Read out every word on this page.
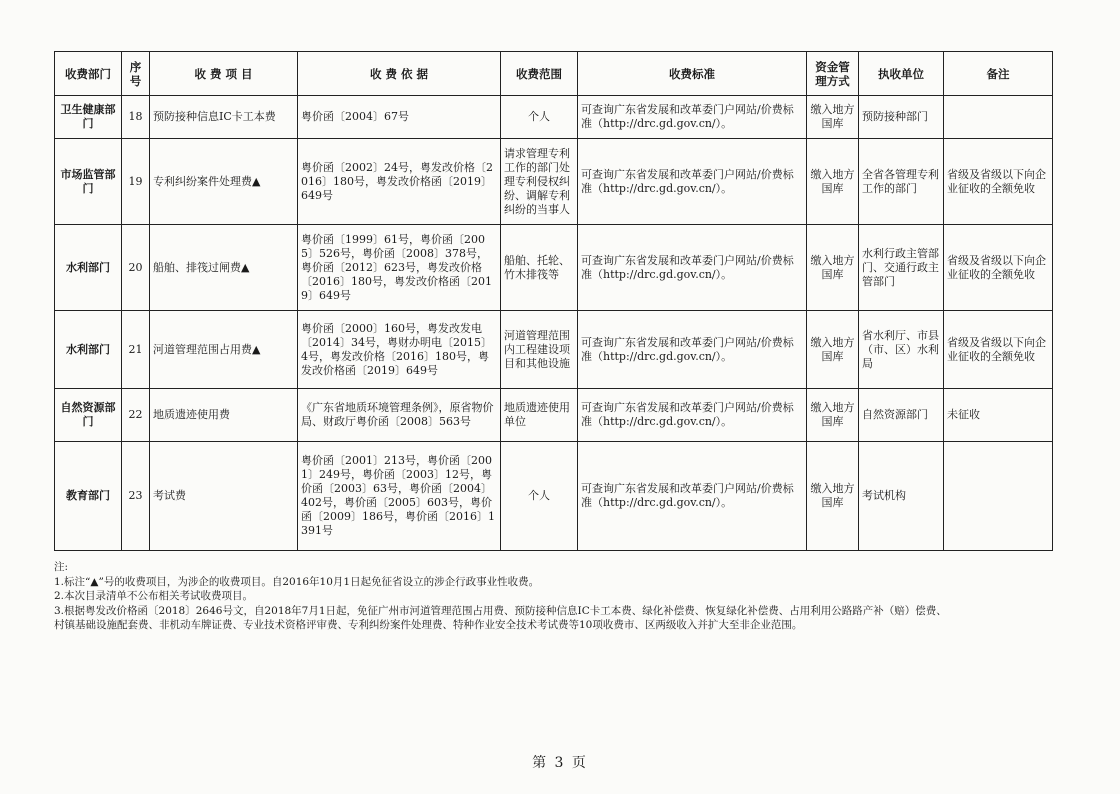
收费部门	序号	收 费 项 目	收 费 依 据	收费范围	收费标准	资金管理方式	执收单位	备注
卫生健康部门	18	预防接种信息IC卡工本费	粤价函〔2004〕67号	个人	可查询广东省发展和改革委门户网站/价费标准（http://drc.gd.gov.cn/）。	缴入地方国库	预防接种部门	
市场监管部门	19	专利纠纷案件处理费▲	粤价函〔2002〕24号，粤发改价格〔2016〕180号，粤发改价格函〔2019〕649号	请求管理专利工作的部门处理专利侵权纠纷、调解专利纠纷的当事人	可查询广东省发展和改革委门户网站/价费标准（http://drc.gd.gov.cn/）。	缴入地方国库	全省各管理专利工作的部门	省级及省级以下向企业征收的全额免收
水利部门	20	船舶、排筏过闸费▲	粤价函〔1999〕61号，粤价函〔2005〕526号，粤价函〔2008〕378号，粤价函〔2012〕623号，粤发改价格〔2016〕180号，粤发改价格函〔2019〕649号	船舶、托轮、竹木排筏等	可查询广东省发展和改革委门户网站/价费标准（http://drc.gd.gov.cn/）。	缴入地方国库	水利行政主管部门、交通行政主管部门	省级及省级以下向企业征收的全额免收
水利部门	21	河道管理范围占用费▲	粤价函〔2000〕160号，粤发改发电〔2014〕34号，粤财办明电〔2015〕4号，粤发改价格〔2016〕180号，粤发改价格函〔2019〕649号	河道管理范围内工程建设项目和其他设施	可查询广东省发展和改革委门户网站/价费标准（http://drc.gd.gov.cn/）。	缴入地方国库	省水利厅、市县（市、区）水利局	省级及省级以下向企业征收的全额免收
自然资源部门	22	地质遗迹使用费	《广东省地质环境管理条例》，原省物价局、财政厅粤价函〔2008〕563号	地质遗迹使用单位	可查询广东省发展和改革委门户网站/价费标准（http://drc.gd.gov.cn/）。	缴入地方国库	自然资源部门	未征收
教育部门	23	考试费	粤价函〔2001〕213号，粤价函〔2001〕249号，粤价函〔2003〕12号，粤价函〔2003〕63号，粤价函〔2004〕402号，粤价函〔2005〕603号，粤价函〔2009〕186号，粤价函〔2016〕1391号	个人	可查询广东省发展和改革委门户网站/价费标准（http://drc.gd.gov.cn/）。	缴入地方国库	考试机构	
注:
1.标注“▲”号的收费项目，为涉企的收费项目。自2016年10月1日起免征省设立的涉企行政事业性收费。
2.本次目录清单不公布相关考试收费项目。
3.根据粤发改价格函〔2018〕2646号文，自2018年7月1日起，免征广州市河道管理范围占用费、预防接种信息IC卡工本费、绿化补偿费、恢复绿化补偿费、占用利用公路路产补（赔）偿费、
村镇基础设施配套费、非机动车牌证费、专业技术资格评审费、专利纠纷案件处理费、特种作业安全技术考试费等10项收费市、区两级收入并扩大至非企业范围。
第 3 页
